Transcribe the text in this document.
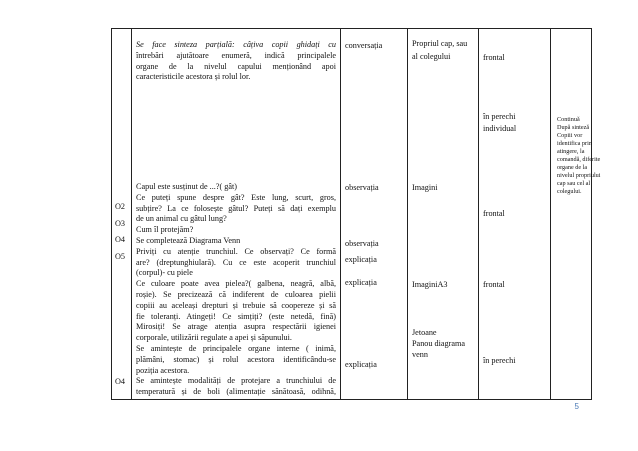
O2
O3
O4
O5
O4
Se face sinteza parțială: câțiva copii ghidați cu
întrebări ajutătoare enumeră, indică principalele
organe de la nivelul capului menționând apoi
caracteristicile acestora și rolul lor.
Capul este susținut de ...?( gât)
Ce puteți spune despre gât? Este lung, scurt, gros,
subțire? La ce folosește gâtul? Puteți să dați exemplu
de un animal cu gâtul lung?
Cum îl protejăm?
Se completează Diagrama Venn
Priviți cu atenție trunchiul. Ce observați? Ce formă
are? (dreptunghiulară). Cu ce este acoperit trunchiul
(corpul)- cu piele
Ce culoare poate avea pielea?( galbena, neagră, albă,
roșie). Se precizează că indiferent de culoarea pielii
copiii au aceleași drepturi și trebuie să coopereze și să
fie toleranți. Atingeți! Ce simțiți? (este netedă, fină)
Mirosiți! Se atrage atenția asupra respectării igienei
corporale, utilizării regulate a apei și săpunului.
Se amintește de principalele organe interne ( inimă,
plămâni, stomac) și rolul acestora identificându-se
poziția acestora.
Se amintește modalități de protejare a trunchiului de
temperatură și de boli (alimentație sănătoasă, odihnă,
conversația
observația
observația
explicația
explicația
explicația
Propriul cap, sau
al colegului
Imagini
ImaginiA3
Jetoane
Panou diagrama
venn
frontal
în perechi
individual
frontal
frontal
în perechi
Continuă
După sinteză
Copiii vor
identifica prin
atingere, la
comandă, diferite
organe de la
nivelul propriului
cap sau cel al
colegului.
5
